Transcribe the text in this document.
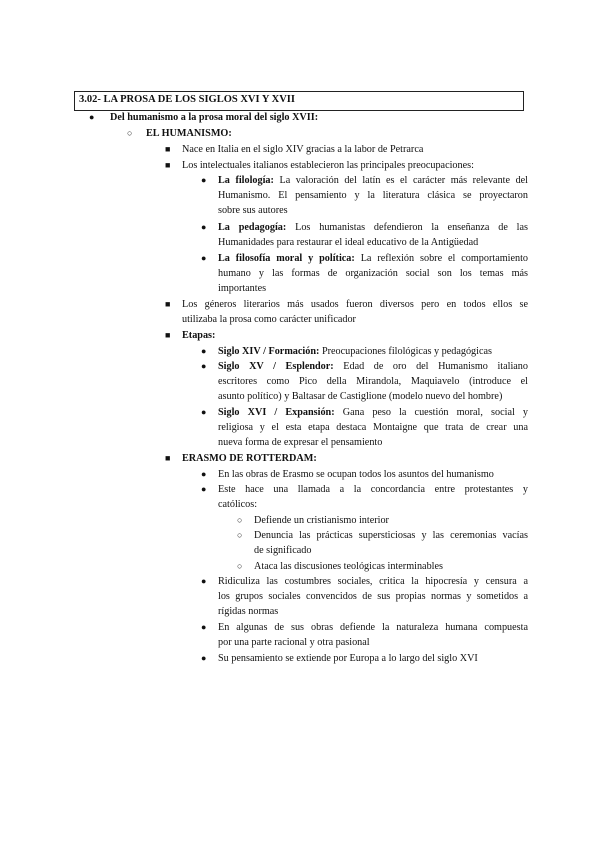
3.02- LA PROSA DE LOS SIGLOS XVI Y XVII
● Del humanismo a la prosa moral del siglo XVII:
○ EL HUMANISMO:
■ Nace en Italia en el siglo XIV gracias a la labor de Petrarca
■ Los intelectuales italianos establecieron las principales preocupaciones:
● La filología: La valoración del latín es el carácter más relevante del
Humanismo. El pensamiento y la literatura clásica se proyectaron
sobre sus autores
● La pedagogía: Los humanistas defendieron la enseñanza de las
Humanidades para restaurar el ideal educativo de la Antigüedad
● La filosofía moral y política: La reflexión sobre el comportamiento
humano y las formas de organización social son los temas más
importantes
■ Los géneros literarios más usados fueron diversos pero en todos ellos se
utilizaba la prosa como carácter unificador
■ Etapas:
● Siglo XIV / Formación: Preocupaciones filológicas y pedagógicas
● Siglo XV / Esplendor: Edad de oro del Humanismo italiano
escritores como Pico della Mirandola, Maquiavelo (introduce el
asunto político) y Baltasar de Castiglione (modelo nuevo del hombre)
● Siglo XVI / Expansión: Gana peso la cuestión moral, social y
religiosa y el esta etapa destaca Montaigne que trata de crear una
nueva forma de expresar el pensamiento
■ ERASMO DE ROTTERDAM:
● En las obras de Erasmo se ocupan todos los asuntos del humanismo
● Este hace una llamada a la concordancia entre protestantes y
católicos:
○ Defiende un cristianismo interior
○ Denuncia las prácticas supersticiosas y las ceremonias vacías
de significado
○ Ataca las discusiones teológicas interminables
● Ridiculiza las costumbres sociales, critica la hipocresía y censura a
los grupos sociales convencidos de sus propias normas y sometidos a
rígidas normas
● En algunas de sus obras defiende la naturaleza humana compuesta
por una parte racional y otra pasional
● Su pensamiento se extiende por Europa a lo largo del siglo XVI
